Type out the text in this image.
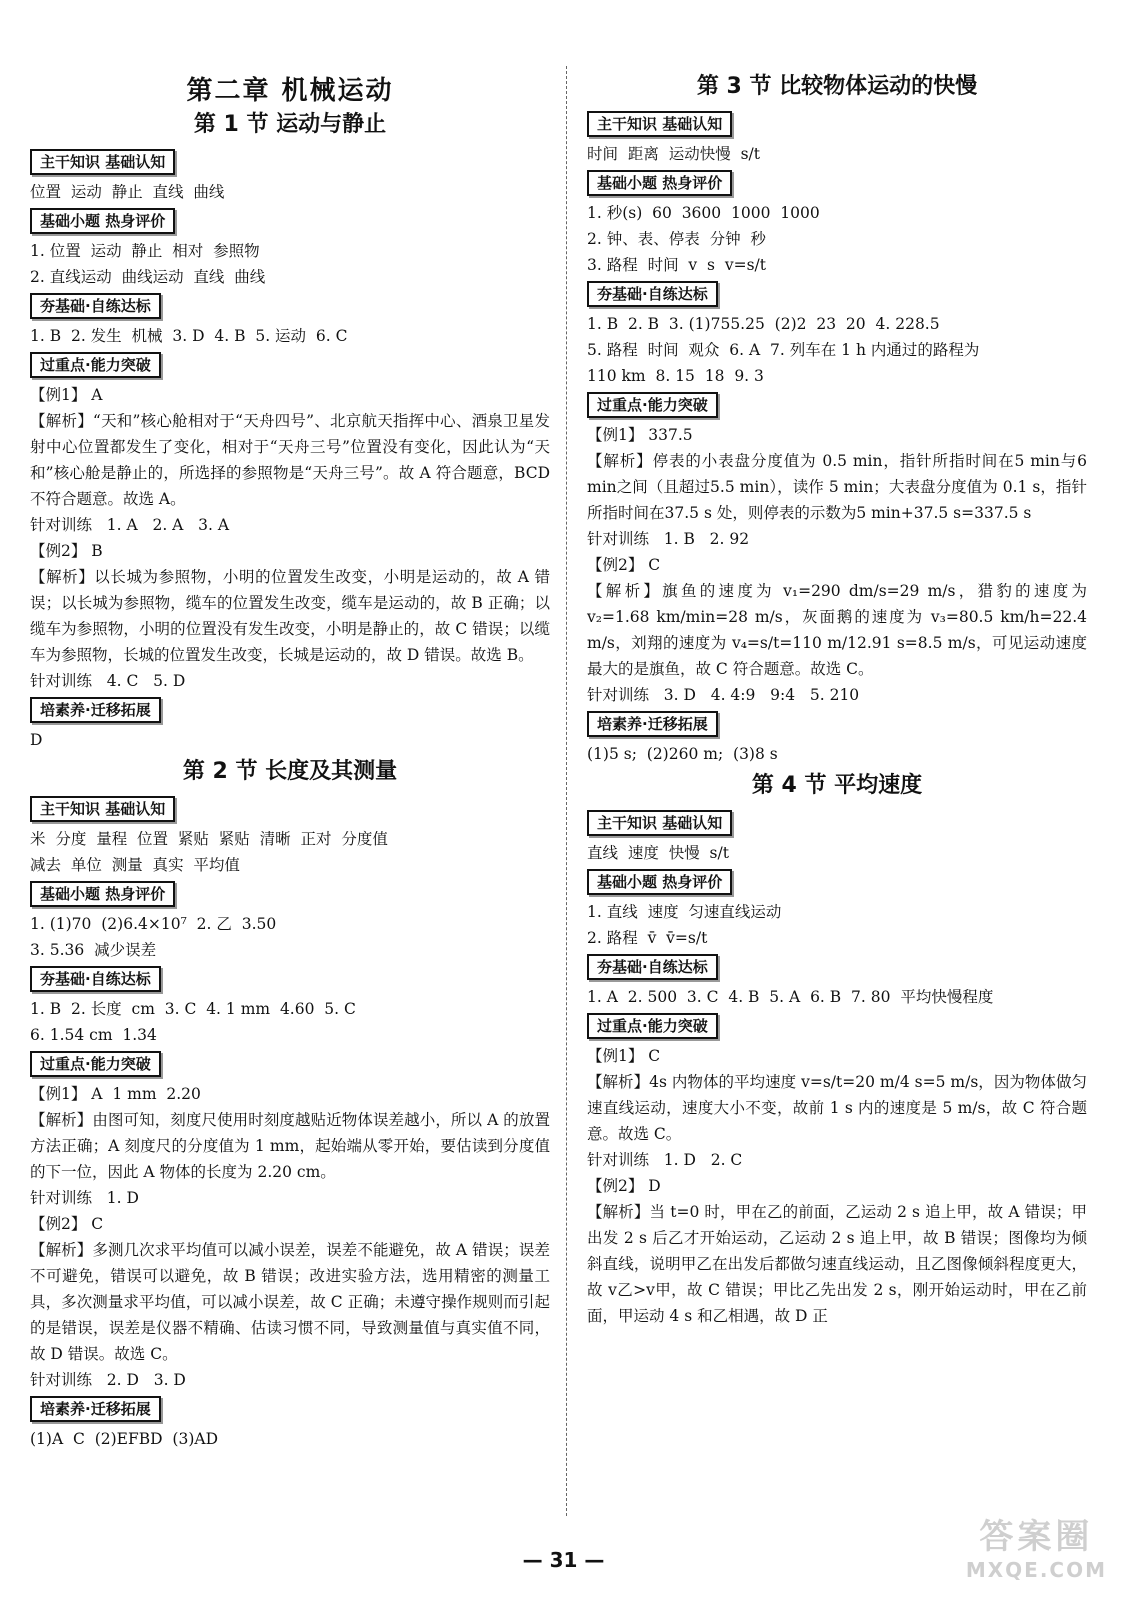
第二章 机械运动
第 1 节 运动与静止
主干知识 基础认知
位置  运动  静止  直线  曲线
基础小题 热身评价
1. 位置  运动  静止  相对  参照物
2. 直线运动  曲线运动  直线  曲线
夯基础·自练达标
1. B  2. 发生  机械  3. D  4. B  5. 运动  6. C
过重点·能力突破
【例1】 A
【解析】“天和”核心舱相对于“天舟四号”、北京航天指挥中心、酒泉卫星发射中心位置都发生了变化，相对于“天舟三号”位置没有变化，因此认为“天和”核心舱是静止的，所选择的参照物是“天舟三号”。故 A 符合题意，BCD 不符合题意。故选 A。
针对训练   1. A   2. A   3. A
【例2】 B
【解析】以长城为参照物，小明的位置发生改变，小明是运动的，故 A 错误；以长城为参照物，缆车的位置发生改变，缆车是运动的，故 B 正确；以缆车为参照物，小明的位置没有发生改变，小明是静止的，故 C 错误；以缆车为参照物，长城的位置发生改变，长城是运动的，故 D 错误。故选 B。
针对训练   4. C   5. D
培素养·迁移拓展
D
第 2 节 长度及其测量
主干知识 基础认知
米  分度  量程  位置  紧贴  紧贴  清晰  正对  分度值
减去  单位  测量  真实  平均值
基础小题 热身评价
1. (1)70  (2)6.4×10⁷  2. 乙  3.50
3. 5.36  减少误差
夯基础·自练达标
1. B  2. 长度  cm  3. C  4. 1 mm  4.60  5. C
6. 1.54 cm  1.34
过重点·能力突破
【例1】 A  1 mm  2.20
【解析】由图可知，刻度尺使用时刻度越贴近物体误差越小，所以 A 的放置方法正确；A 刻度尺的分度值为 1 mm，起始端从零开始，要估读到分度值的下一位，因此 A 物体的长度为 2.20 cm。
针对训练   1. D
【例2】 C
【解析】多测几次求平均值可以减小误差，误差不能避免，故 A 错误；误差不可避免，错误可以避免，故 B 错误；改进实验方法，选用精密的测量工具，多次测量求平均值，可以减小误差，故 C 正确；未遵守操作规则而引起的是错误，误差是仪器不精确、估读习惯不同，导致测量值与真实值不同，故 D 错误。故选 C。
针对训练   2. D   3. D
培素养·迁移拓展
(1)A  C  (2)EFBD  (3)AD
第 3 节 比较物体运动的快慢
主干知识 基础认知
时间  距离  运动快慢  s/t
基础小题 热身评价
1. 秒(s)  60  3600  1000  1000
2. 钟、表、停表  分钟  秒
3. 路程  时间  v  s  v=s/t
夯基础·自练达标
1. B  2. B  3. (1)755.25  (2)2  23  20  4. 228.5
5. 路程  时间  观众  6. A  7. 列车在 1 h 内通过的路程为
110 km  8. 15  18  9. 3
过重点·能力突破
【例1】 337.5
【解析】停表的小表盘分度值为 0.5 min，指针所指时间在5 min与6 min之间（且超过5.5 min），读作 5 min；大表盘分度值为 0.1 s，指针所指时间在37.5 s 处，则停表的示数为5 min+37.5 s=337.5 s
针对训练   1. B   2. 92
【例2】 C
【解析】旗鱼的速度为 v₁=290 dm/s=29 m/s，猎豹的速度为 v₂=1.68 km/min=28 m/s，灰面鹅的速度为 v₃=80.5 km/h=22.4 m/s，刘翔的速度为 v₄=s/t=110 m/12.91 s=8.5 m/s，可见运动速度最大的是旗鱼，故 C 符合题意。故选 C。
针对训练   3. D   4. 4:9   9:4   5. 210
培素养·迁移拓展
(1)5 s;  (2)260 m;  (3)8 s
第 4 节 平均速度
主干知识 基础认知
直线  速度  快慢  s/t
基础小题 热身评价
1. 直线  速度  匀速直线运动
2. 路程  v̄  v̄=s/t
夯基础·自练达标
1. A  2. 500  3. C  4. B  5. A  6. B  7. 80  平均快慢程度
过重点·能力突破
【例1】 C
【解析】4s 内物体的平均速度 v=s/t=20 m/4 s=5 m/s，因为物体做匀速直线运动，速度大小不变，故前 1 s 内的速度是 5 m/s，故 C 符合题意。故选 C。
针对训练   1. D   2. C
【例2】 D
【解析】当 t=0 时，甲在乙的前面，乙运动 2 s 追上甲，故 A 错误；甲出发 2 s 后乙才开始运动，乙运动 2 s 追上甲，故 B 错误；图像均为倾斜直线，说明甲乙在出发后都做匀速直线运动，且乙图像倾斜程度更大，故 v乙>v甲，故 C 错误；甲比乙先出发 2 s，刚开始运动时，甲在乙前面，甲运动 4 s 和乙相遇，故 D 正
— 31 —
答案圈
MXQE.COM
